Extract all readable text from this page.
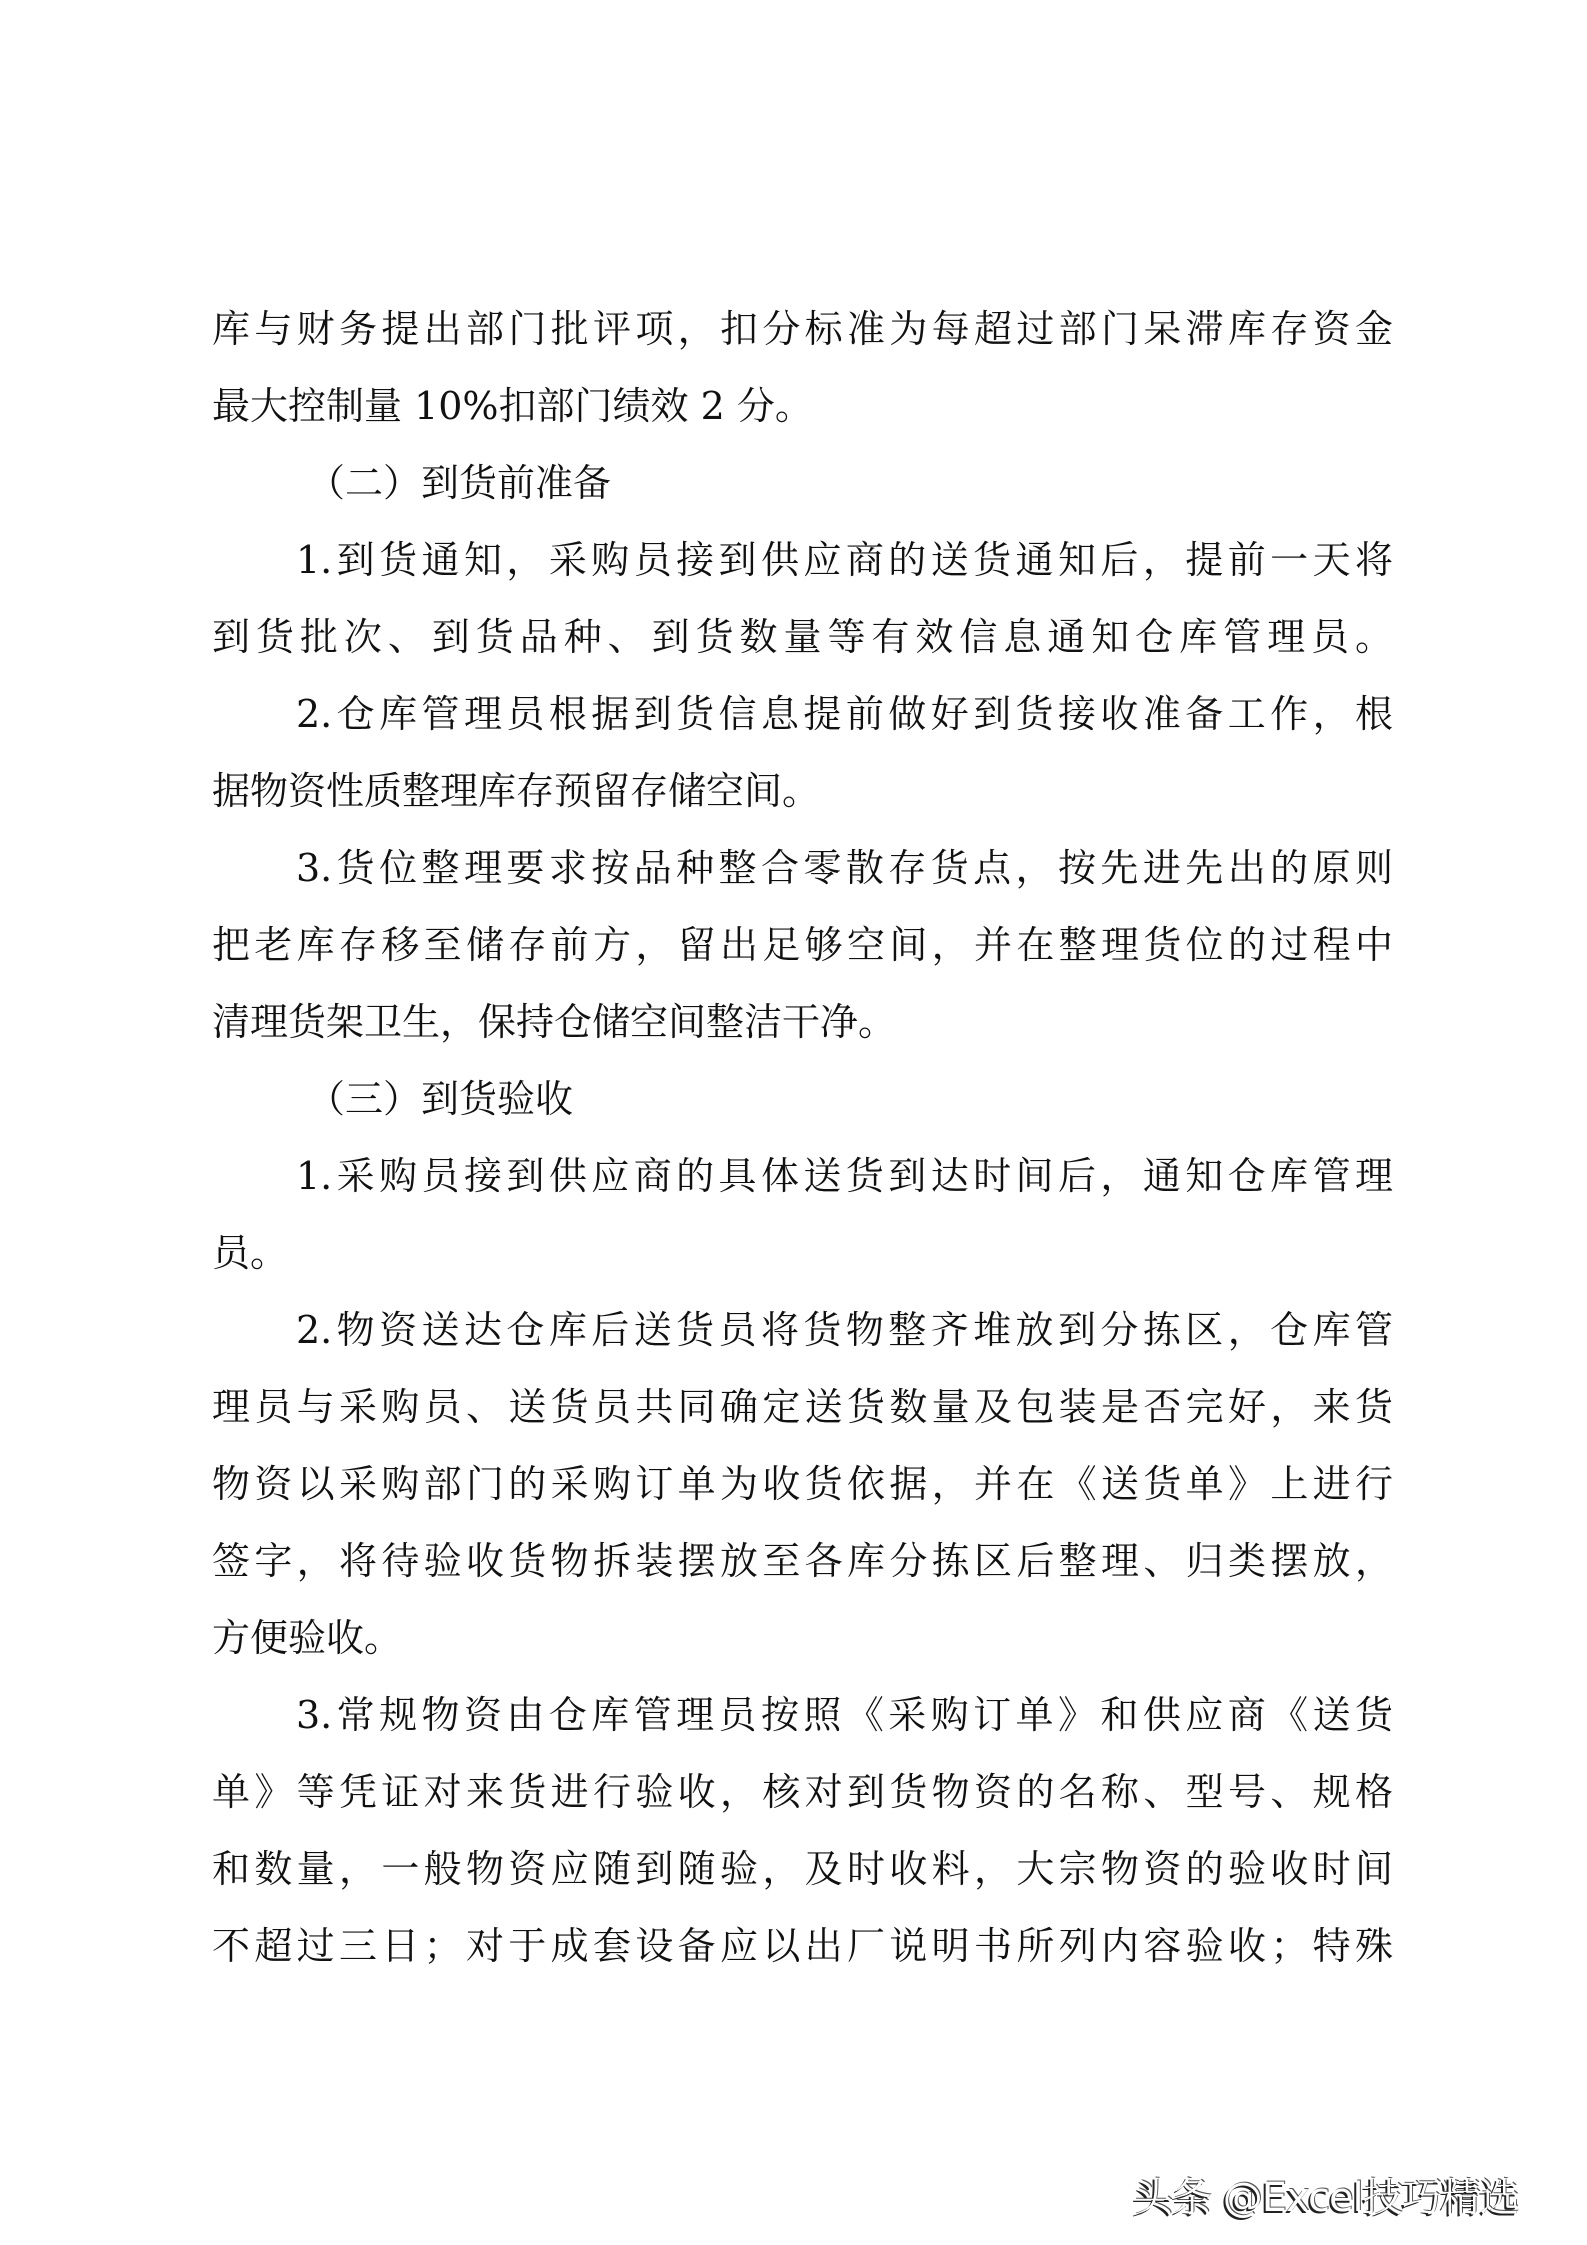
库与财务提出部门批评项，扣分标准为每超过部门呆滞库存资金
最大控制量 10%扣部门绩效 2 分。
（二）到货前准备
1.到货通知，采购员接到供应商的送货通知后，提前一天将
到货批次、到货品种、到货数量等有效信息通知仓库管理员。
2.仓库管理员根据到货信息提前做好到货接收准备工作，根
据物资性质整理库存预留存储空间。
3.货位整理要求按品种整合零散存货点，按先进先出的原则
把老库存移至储存前方，留出足够空间，并在整理货位的过程中
清理货架卫生，保持仓储空间整洁干净。
（三）到货验收
1.采购员接到供应商的具体送货到达时间后，通知仓库管理
员。
2.物资送达仓库后送货员将货物整齐堆放到分拣区，仓库管
理员与采购员、送货员共同确定送货数量及包装是否完好，来货
物资以采购部门的采购订单为收货依据，并在《送货单》上进行
签字，将待验收货物拆装摆放至各库分拣区后整理、归类摆放，
方便验收。
3.常规物资由仓库管理员按照《采购订单》和供应商《送货
单》等凭证对来货进行验收，核对到货物资的名称、型号、规格
和数量，一般物资应随到随验，及时收料，大宗物资的验收时间
不超过三日；对于成套设备应以出厂说明书所列内容验收；特殊
头条 @Excel技巧精选
